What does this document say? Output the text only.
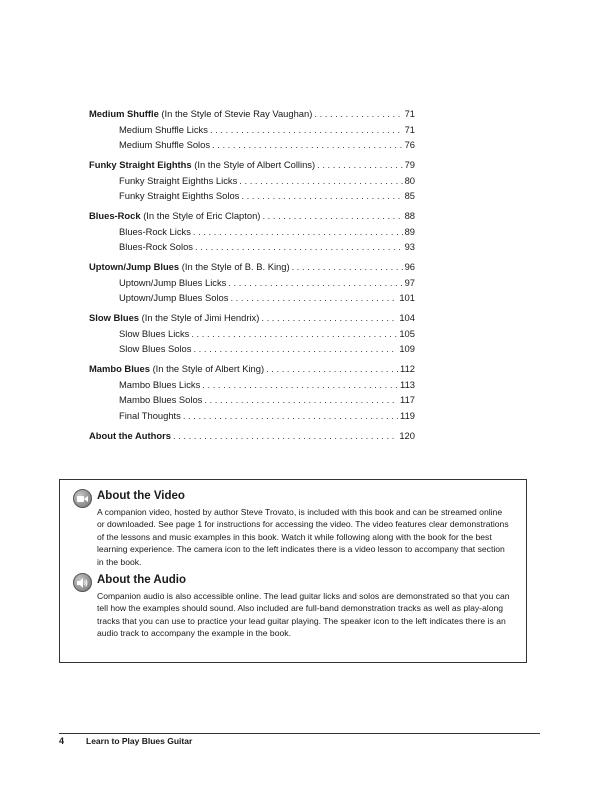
Medium Shuffle (In the Style of Stevie Ray Vaughan) . . .	71
Medium Shuffle Licks . . .	71
Medium Shuffle Solos . . .	76
Funky Straight Eighths (In the Style of Albert Collins) . . .	79
Funky Straight Eighths Licks . . .	80
Funky Straight Eighths Solos . . .	85
Blues-Rock (In the Style of Eric Clapton) . . .	88
Blues-Rock Licks . . .	89
Blues-Rock Solos . . .	93
Uptown/Jump Blues (In the Style of B. B. King) . . .	96
Uptown/Jump Blues Licks . . .	97
Uptown/Jump Blues Solos . . .	101
Slow Blues (In the Style of Jimi Hendrix) . . .	104
Slow Blues Licks . . .	105
Slow Blues Solos . . .	109
Mambo Blues (In the Style of Albert King) . . .	112
Mambo Blues Licks . . .	113
Mambo Blues Solos . . .	117
Final Thoughts . . .	119
About the Authors . . .	120
About the Video

A companion video, hosted by author Steve Trovato, is included with this book and can be streamed online or downloaded. See page 1 for instructions for accessing the video. The video features clear demonstrations of the lessons and music examples in this book. Watch it while following along with the book for the best learning experience. The camera icon to the left indicates there is a video lesson to accompany that section in the book.

About the Audio

Companion audio is also accessible online. The lead guitar licks and solos are demonstrated so that you can tell how the examples should sound. Also included are full-band demonstration tracks as well as play-along tracks that you can use to practice your lead guitar playing. The speaker icon to the left indicates there is an audio track to accompany the example in the book.

4	Learn to Play Blues Guitar
